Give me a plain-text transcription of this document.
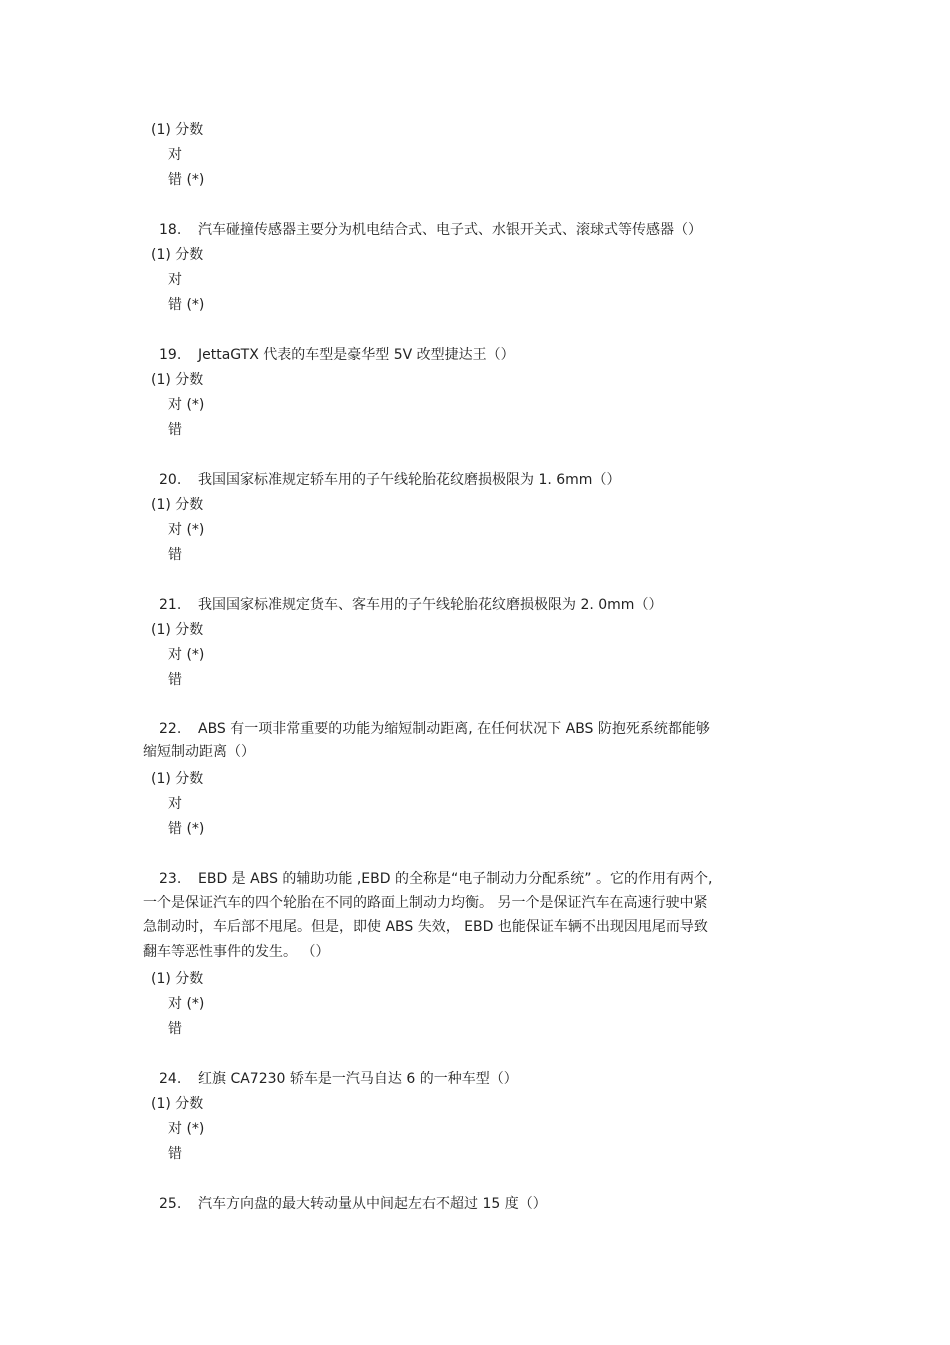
(1) 分数
对
错 (*)
18. 汽车碰撞传感器主要分为机电结合式、电子式、水银开关式、滚球式等传感器（）
(1) 分数
对
错 (*)
19. JettaGTX 代表的车型是豪华型 5V 改型捷达王（）
(1) 分数
对 (*)
错
20. 我国国家标准规定轿车用的子午线轮胎花纹磨损极限为 1. 6mm（）
(1) 分数
对 (*)
错
21. 我国国家标准规定货车、客车用的子午线轮胎花纹磨损极限为 2. 0mm（）
(1) 分数
对 (*)
错
22. ABS 有一项非常重要的功能为缩短制动距离, 在任何状况下 ABS 防抱死系统都能够
缩短制动距离（）
(1) 分数
对
错 (*)
23. EBD 是 ABS 的辅助功能 ,EBD 的全称是“电子制动力分配系统” 。它的作用有两个,
一个是保证汽车的四个轮胎在不同的路面上制动力均衡。 另一个是保证汽车在高速行驶中紧
急制动时，车后部不甩尾。但是，即使 ABS 失效， EBD 也能保证车辆不出现因甩尾而导致
翻车等恶性事件的发生。 （）
(1) 分数
对 (*)
错
24. 红旗 CA7230 轿车是一汽马自达 6 的一种车型（）
(1) 分数
对 (*)
错
25. 汽车方向盘的最大转动量从中间起左右不超过 15 度（）
